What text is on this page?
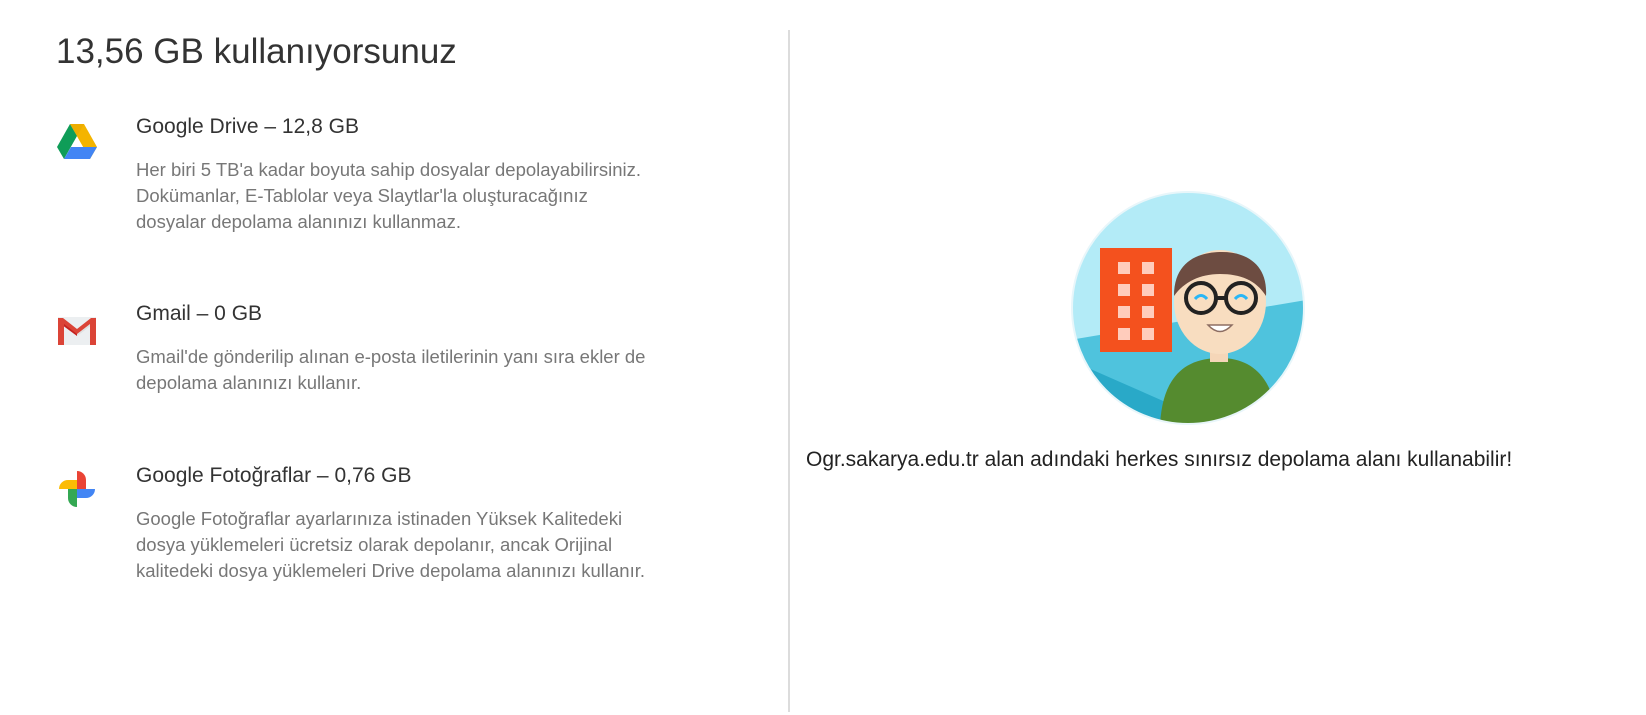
13,56 GB kullanıyorsunuz
Google Drive – 12,8 GB
Her biri 5 TB'a kadar boyuta sahip dosyalar depolayabilirsiniz. Dokümanlar, E-Tablolar veya Slaytlar'la oluşturacağınız dosyalar depolama alanınızı kullanmaz.
Gmail – 0 GB
Gmail'de gönderilip alınan e-posta iletilerinin yanı sıra ekler de depolama alanınızı kullanır.
Google Fotoğraflar – 0,76 GB
Google Fotoğraflar ayarlarınıza istinaden Yüksek Kalitedeki dosya yüklemeleri ücretsiz olarak depolanır, ancak Orijinal kalitedeki dosya yüklemeleri Drive depolama alanınızı kullanır.
Ogr.sakarya.edu.tr alan adındaki herkes sınırsız depolama alanı kullanabilir!
